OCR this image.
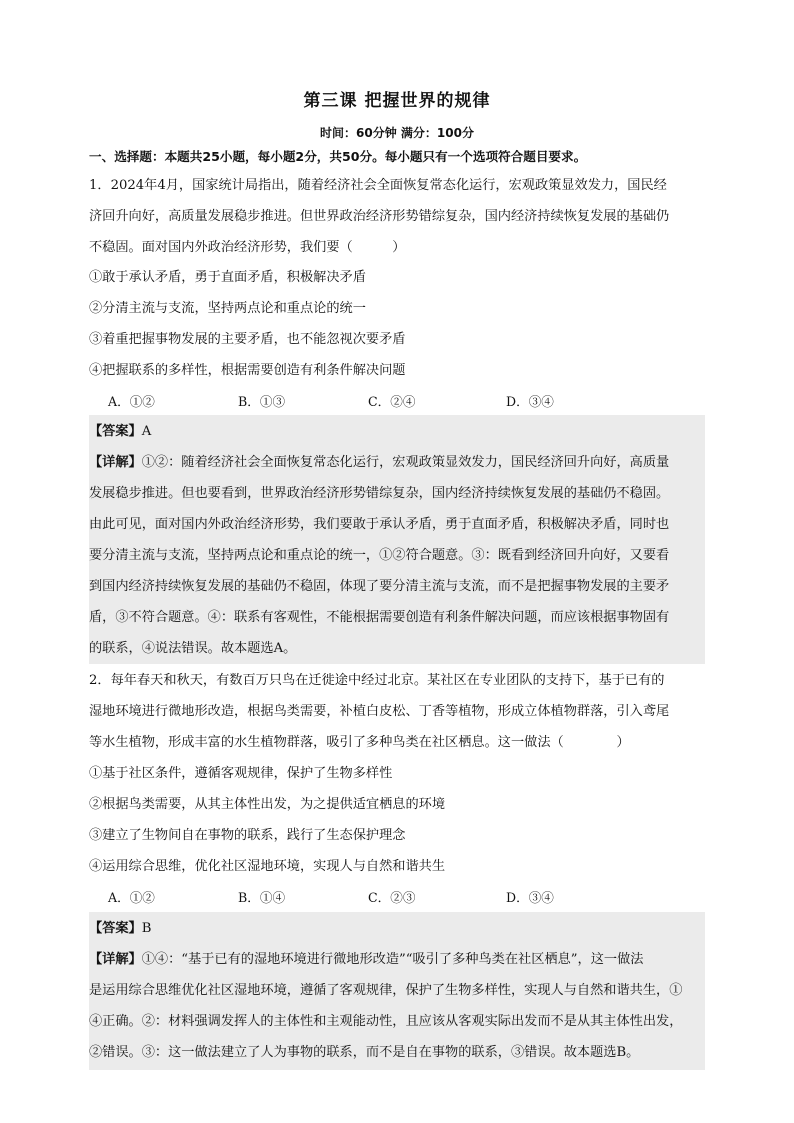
第三课 把握世界的规律
时间：60分钟 满分：100分
一、选择题：本题共25小题，每小题2分，共50分。每小题只有一个选项符合题目要求。
1．2024年4月，国家统计局指出，随着经济社会全面恢复常态化运行，宏观政策显效发力，国民经
济回升向好，高质量发展稳步推进。但世界政治经济形势错综复杂，国内经济持续恢复发展的基础仍
不稳固。面对国内外政治经济形势，我们要（　　　）
①敢于承认矛盾，勇于直面矛盾，积极解决矛盾
②分清主流与支流，坚持两点论和重点论的统一
③着重把握事物发展的主要矛盾，也不能忽视次要矛盾
④把握联系的多样性，根据需要创造有利条件解决问题
A．①②	B．①③	C．②④	D．③④
【答案】A
【详解】①②：随着经济社会全面恢复常态化运行，宏观政策显效发力，国民经济回升向好，高质量
发展稳步推进。但也要看到，世界政治经济形势错综复杂，国内经济持续恢复发展的基础仍不稳固。
由此可见，面对国内外政治经济形势，我们要敢于承认矛盾，勇于直面矛盾，积极解决矛盾，同时也
要分清主流与支流，坚持两点论和重点论的统一，①②符合题意。③：既看到经济回升向好，又要看
到国内经济持续恢复发展的基础仍不稳固，体现了要分清主流与支流，而不是把握事物发展的主要矛
盾，③不符合题意。④：联系有客观性，不能根据需要创造有利条件解决问题，而应该根据事物固有
的联系，④说法错误。故本题选A。
2．每年春天和秋天，有数百万只鸟在迁徙途中经过北京。某社区在专业团队的支持下，基于已有的
湿地环境进行微地形改造，根据鸟类需要，补植白皮松、丁香等植物，形成立体植物群落，引入鸢尾
等水生植物，形成丰富的水生植物群落，吸引了多种鸟类在社区栖息。这一做法（　　　　）
①基于社区条件，遵循客观规律，保护了生物多样性
②根据鸟类需要，从其主体性出发，为之提供适宜栖息的环境
③建立了生物间自在事物的联系，践行了生态保护理念
④运用综合思维，优化社区湿地环境，实现人与自然和谐共生
A．①②	B．①④	C．②③	D．③④
【答案】B
【详解】①④：“基于已有的湿地环境进行微地形改造”“吸引了多种鸟类在社区栖息”，这一做法
是运用综合思维优化社区湿地环境，遵循了客观规律，保护了生物多样性，实现人与自然和谐共生，①
④正确。②：材料强调发挥人的主体性和主观能动性，且应该从客观实际出发而不是从其主体性出发，
②错误。③：这一做法建立了人为事物的联系，而不是自在事物的联系，③错误。故本题选B。
